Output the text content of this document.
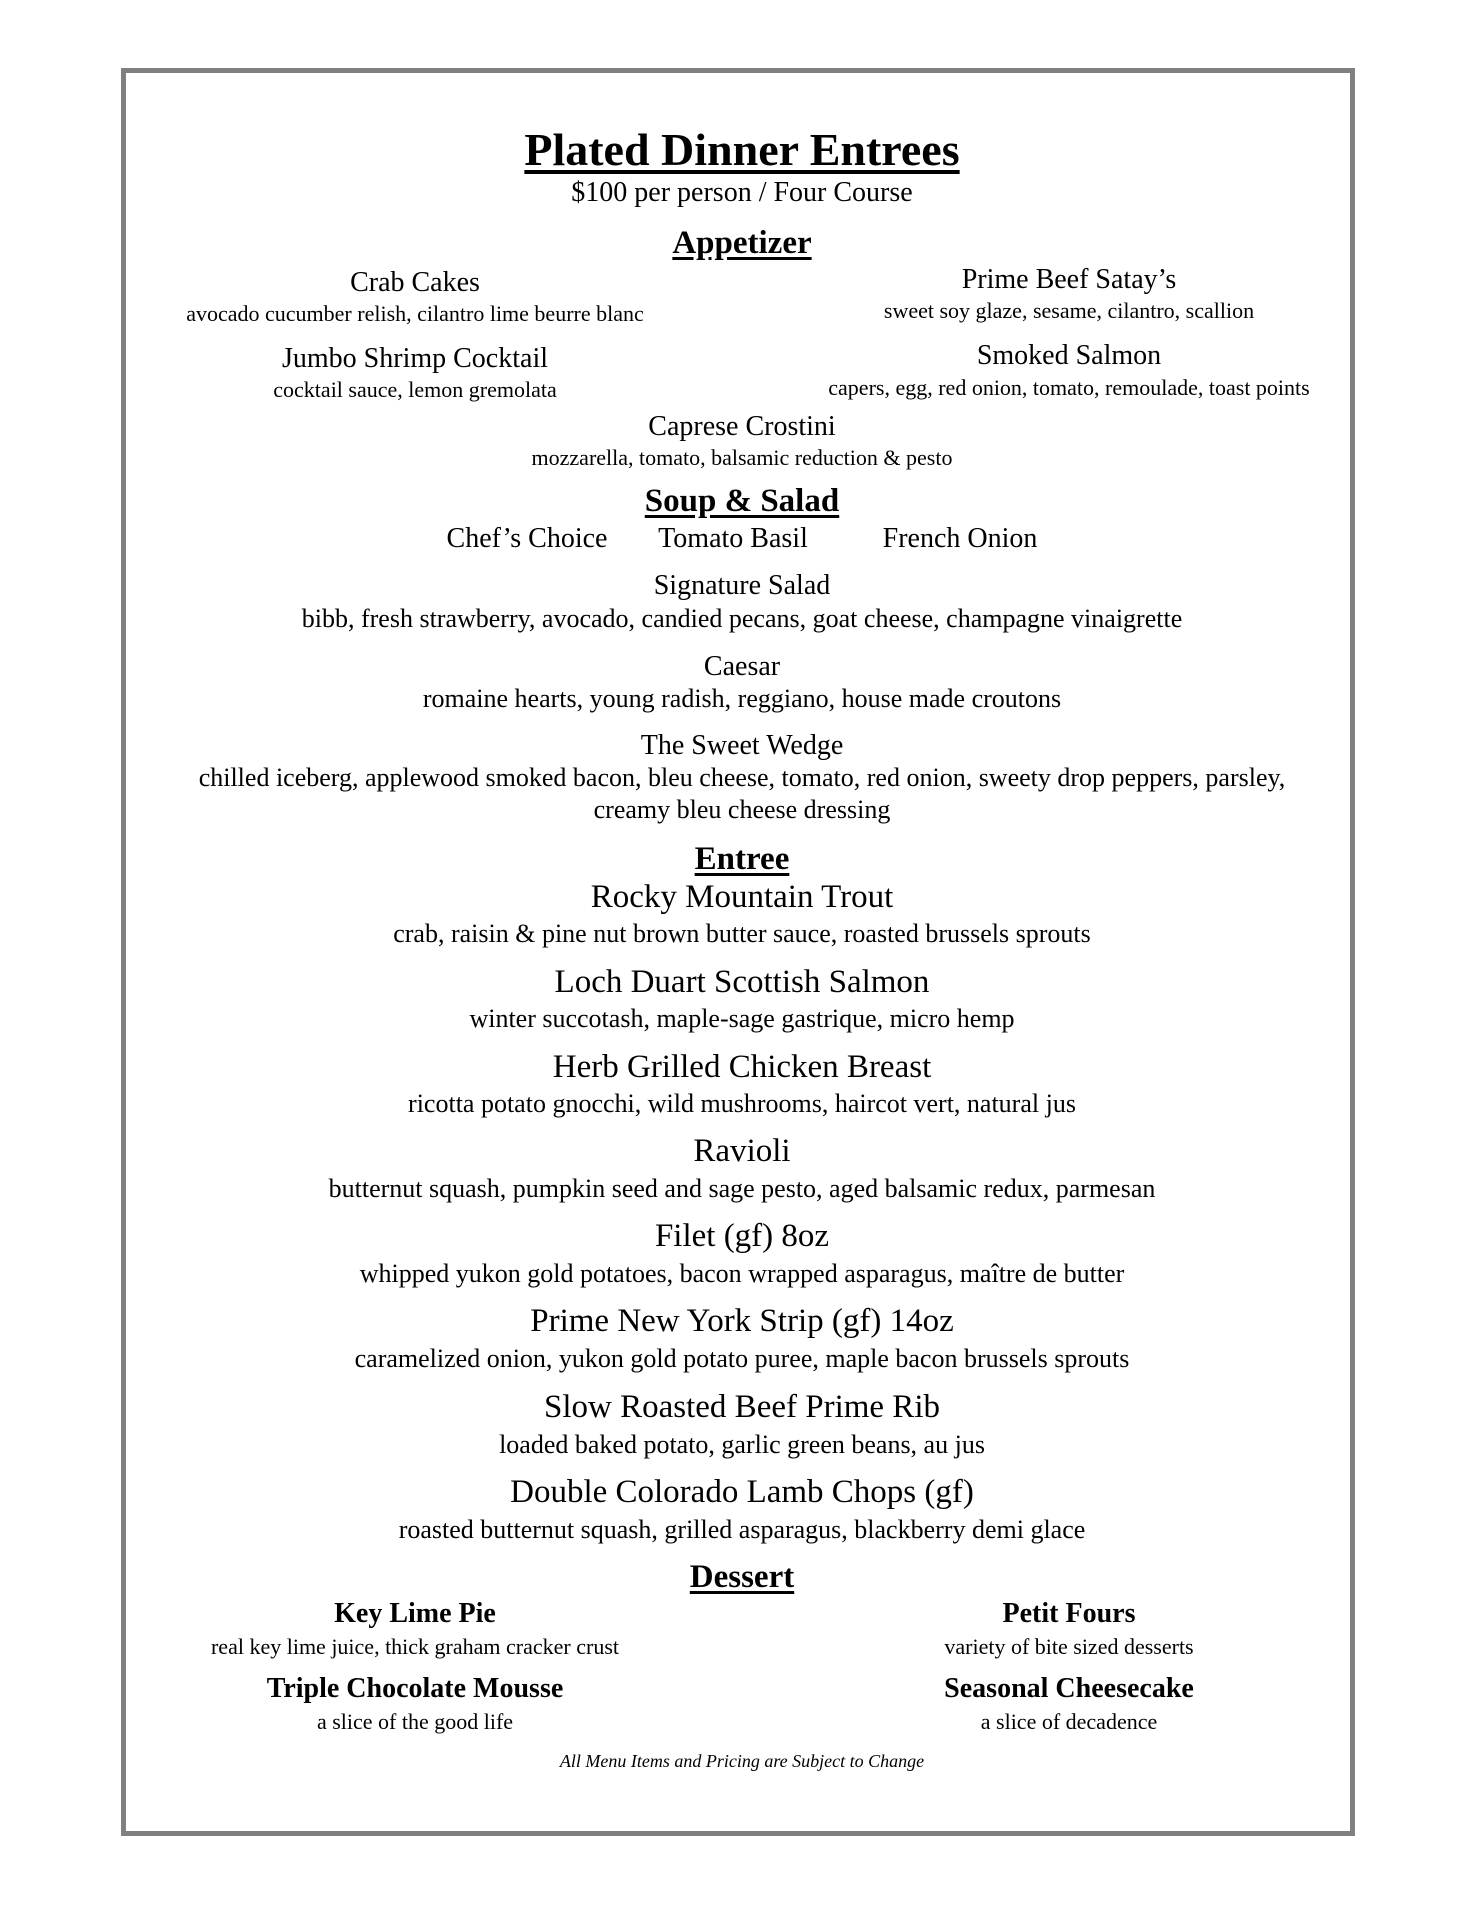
Plated Dinner Entrees
$100 per person / Four Course
Appetizer
Crab Cakes
avocado cucumber relish, cilantro lime beurre blanc
Prime Beef Satay’s
sweet soy glaze, sesame, cilantro, scallion
Jumbo Shrimp Cocktail
cocktail sauce, lemon gremolata
Smoked Salmon
capers, egg, red onion, tomato, remoulade, toast points
Caprese Crostini
mozzarella, tomato, balsamic reduction & pesto
Soup & Salad
Chef’s Choice Tomato Basil	French Onion
Signature Salad
bibb, fresh strawberry, avocado, candied pecans, goat cheese, champagne vinaigrette
Caesar
romaine hearts, young radish, reggiano, house made croutons
The Sweet Wedge
chilled iceberg, applewood smoked bacon, bleu cheese, tomato, red onion, sweety drop peppers, parsley,
creamy bleu cheese dressing
Entree
Rocky Mountain Trout
crab, raisin & pine nut brown butter sauce, roasted brussels sprouts
Loch Duart Scottish Salmon
winter succotash, maple-sage gastrique, micro hemp
Herb Grilled Chicken Breast
ricotta potato gnocchi, wild mushrooms, haircot vert, natural jus
Ravioli
butternut squash, pumpkin seed and sage pesto, aged balsamic redux, parmesan
Filet (gf) 8oz
whipped yukon gold potatoes, bacon wrapped asparagus, maître de butter
Prime New York Strip (gf) 14oz
caramelized onion, yukon gold potato puree, maple bacon brussels sprouts
Slow Roasted Beef Prime Rib
loaded baked potato, garlic green beans, au jus
Double Colorado Lamb Chops (gf)
roasted butternut squash, grilled asparagus, blackberry demi glace
Dessert
Key Lime Pie
real key lime juice, thick graham cracker crust
Petit Fours
variety of bite sized desserts
Triple Chocolate Mousse
a slice of the good life
Seasonal Cheesecake
a slice of decadence
All Menu Items and Pricing are Subject to Change
